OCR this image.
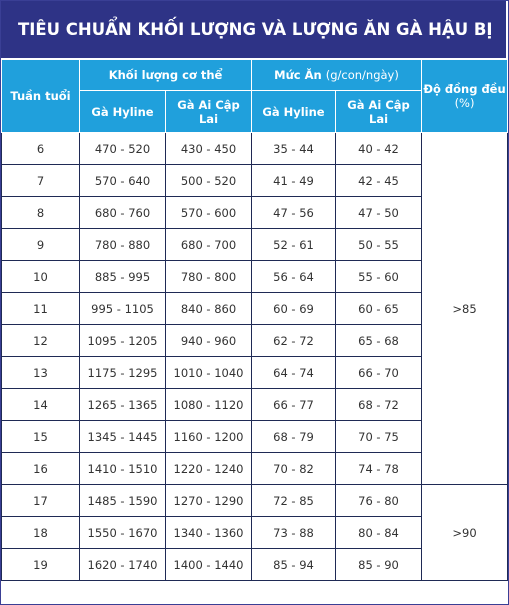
TIÊU CHUẨN KHỐI LƯỢNG VÀ LƯỢNG ĂN GÀ HẬU BỊ
Tuần tuổi	Khối lượng cơ thể		Mức Ăn (g/con/ngày)		Độ đồng đều (%)
	Gà Hyline	Gà Ai Cập Lai	Gà Hyline	Gà Ai Cập Lai	
6	470 - 520	430 - 450	35 - 44	40 - 42	>85
7	570 - 640	500 - 520	41 - 49	42 - 45	
8	680 - 760	570 - 600	47 - 56	47 - 50	
9	780 - 880	680 - 700	52 - 61	50 - 55	
10	885 - 995	780 - 800	56 - 64	55 - 60	
11	995 - 1105	840 - 860	60 - 69	60 - 65	
12	1095 - 1205	940 - 960	62 - 72	65 - 68	
13	1175 - 1295	1010 - 1040	64 - 74	66 - 70	
14	1265 - 1365	1080 - 1120	66 - 77	68 - 72	
15	1345 - 1445	1160 - 1200	68 - 79	70 - 75	
16	1410 - 1510	1220 - 1240	70 - 82	74 - 78	
17	1485 - 1590	1270 - 1290	72 - 85	76 - 80	>90
18	1550 - 1670	1340 - 1360	73 - 88	80 - 84	
19	1620 - 1740	1400 - 1440	85 - 94	85 - 90	
